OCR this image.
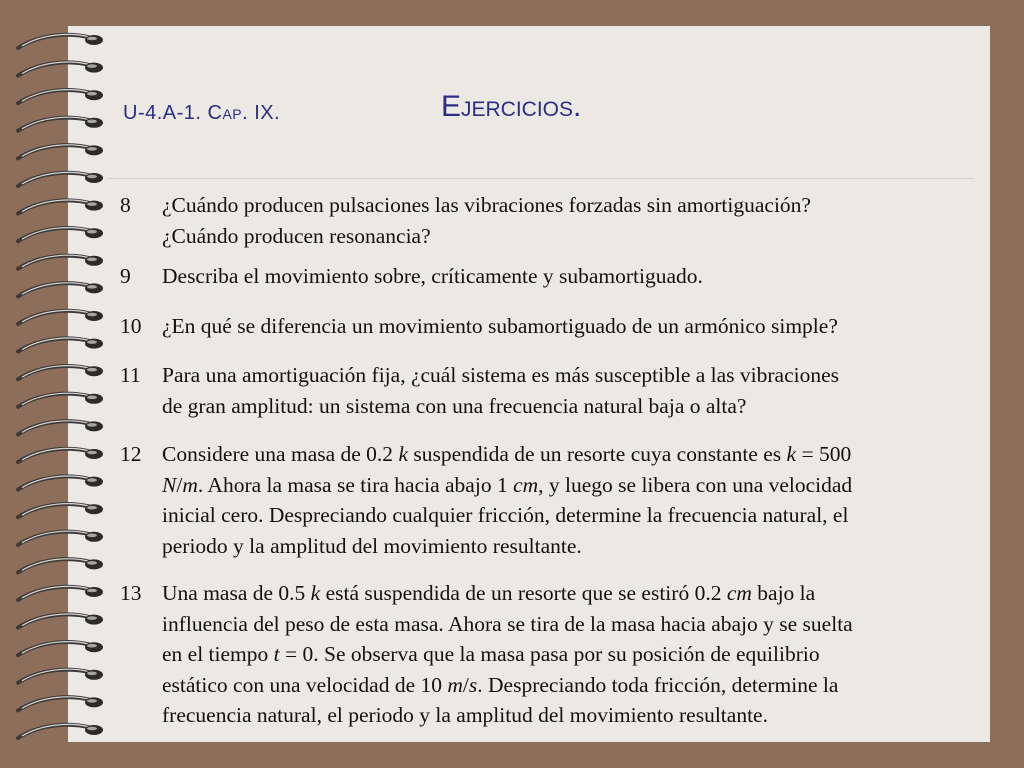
U-4.A-1. Cap. IX.	Ejercicios.
8	¿Cuándo producen pulsaciones las vibraciones forzadas sin amortiguación?
¿Cuándo producen resonancia?
9	Describa el movimiento sobre, críticamente y subamortiguado.
10 ¿En qué se diferencia un movimiento subamortiguado de un armónico simple?
11 Para una amortiguación fija, ¿cuál sistema es más susceptible a las vibraciones
de gran amplitud: un sistema con una frecuencia natural baja o alta?
12 Considere una masa de 0.2 k suspendida de un resorte cuya constante es k = 500
N/m. Ahora la masa se tira hacia abajo 1 cm, y luego se libera con una velocidad
inicial cero. Despreciando cualquier fricción, determine la frecuencia natural, el
periodo y la amplitud del movimiento resultante.
13 Una masa de 0.5 k está suspendida de un resorte que se estiró 0.2 cm bajo la
influencia del peso de esta masa. Ahora se tira de la masa hacia abajo y se suelta
en el tiempo t = 0. Se observa que la masa pasa por su posición de equilibrio
estático con una velocidad de 10 m/s. Despreciando toda fricción, determine la
frecuencia natural, el periodo y la amplitud del movimiento resultante.
